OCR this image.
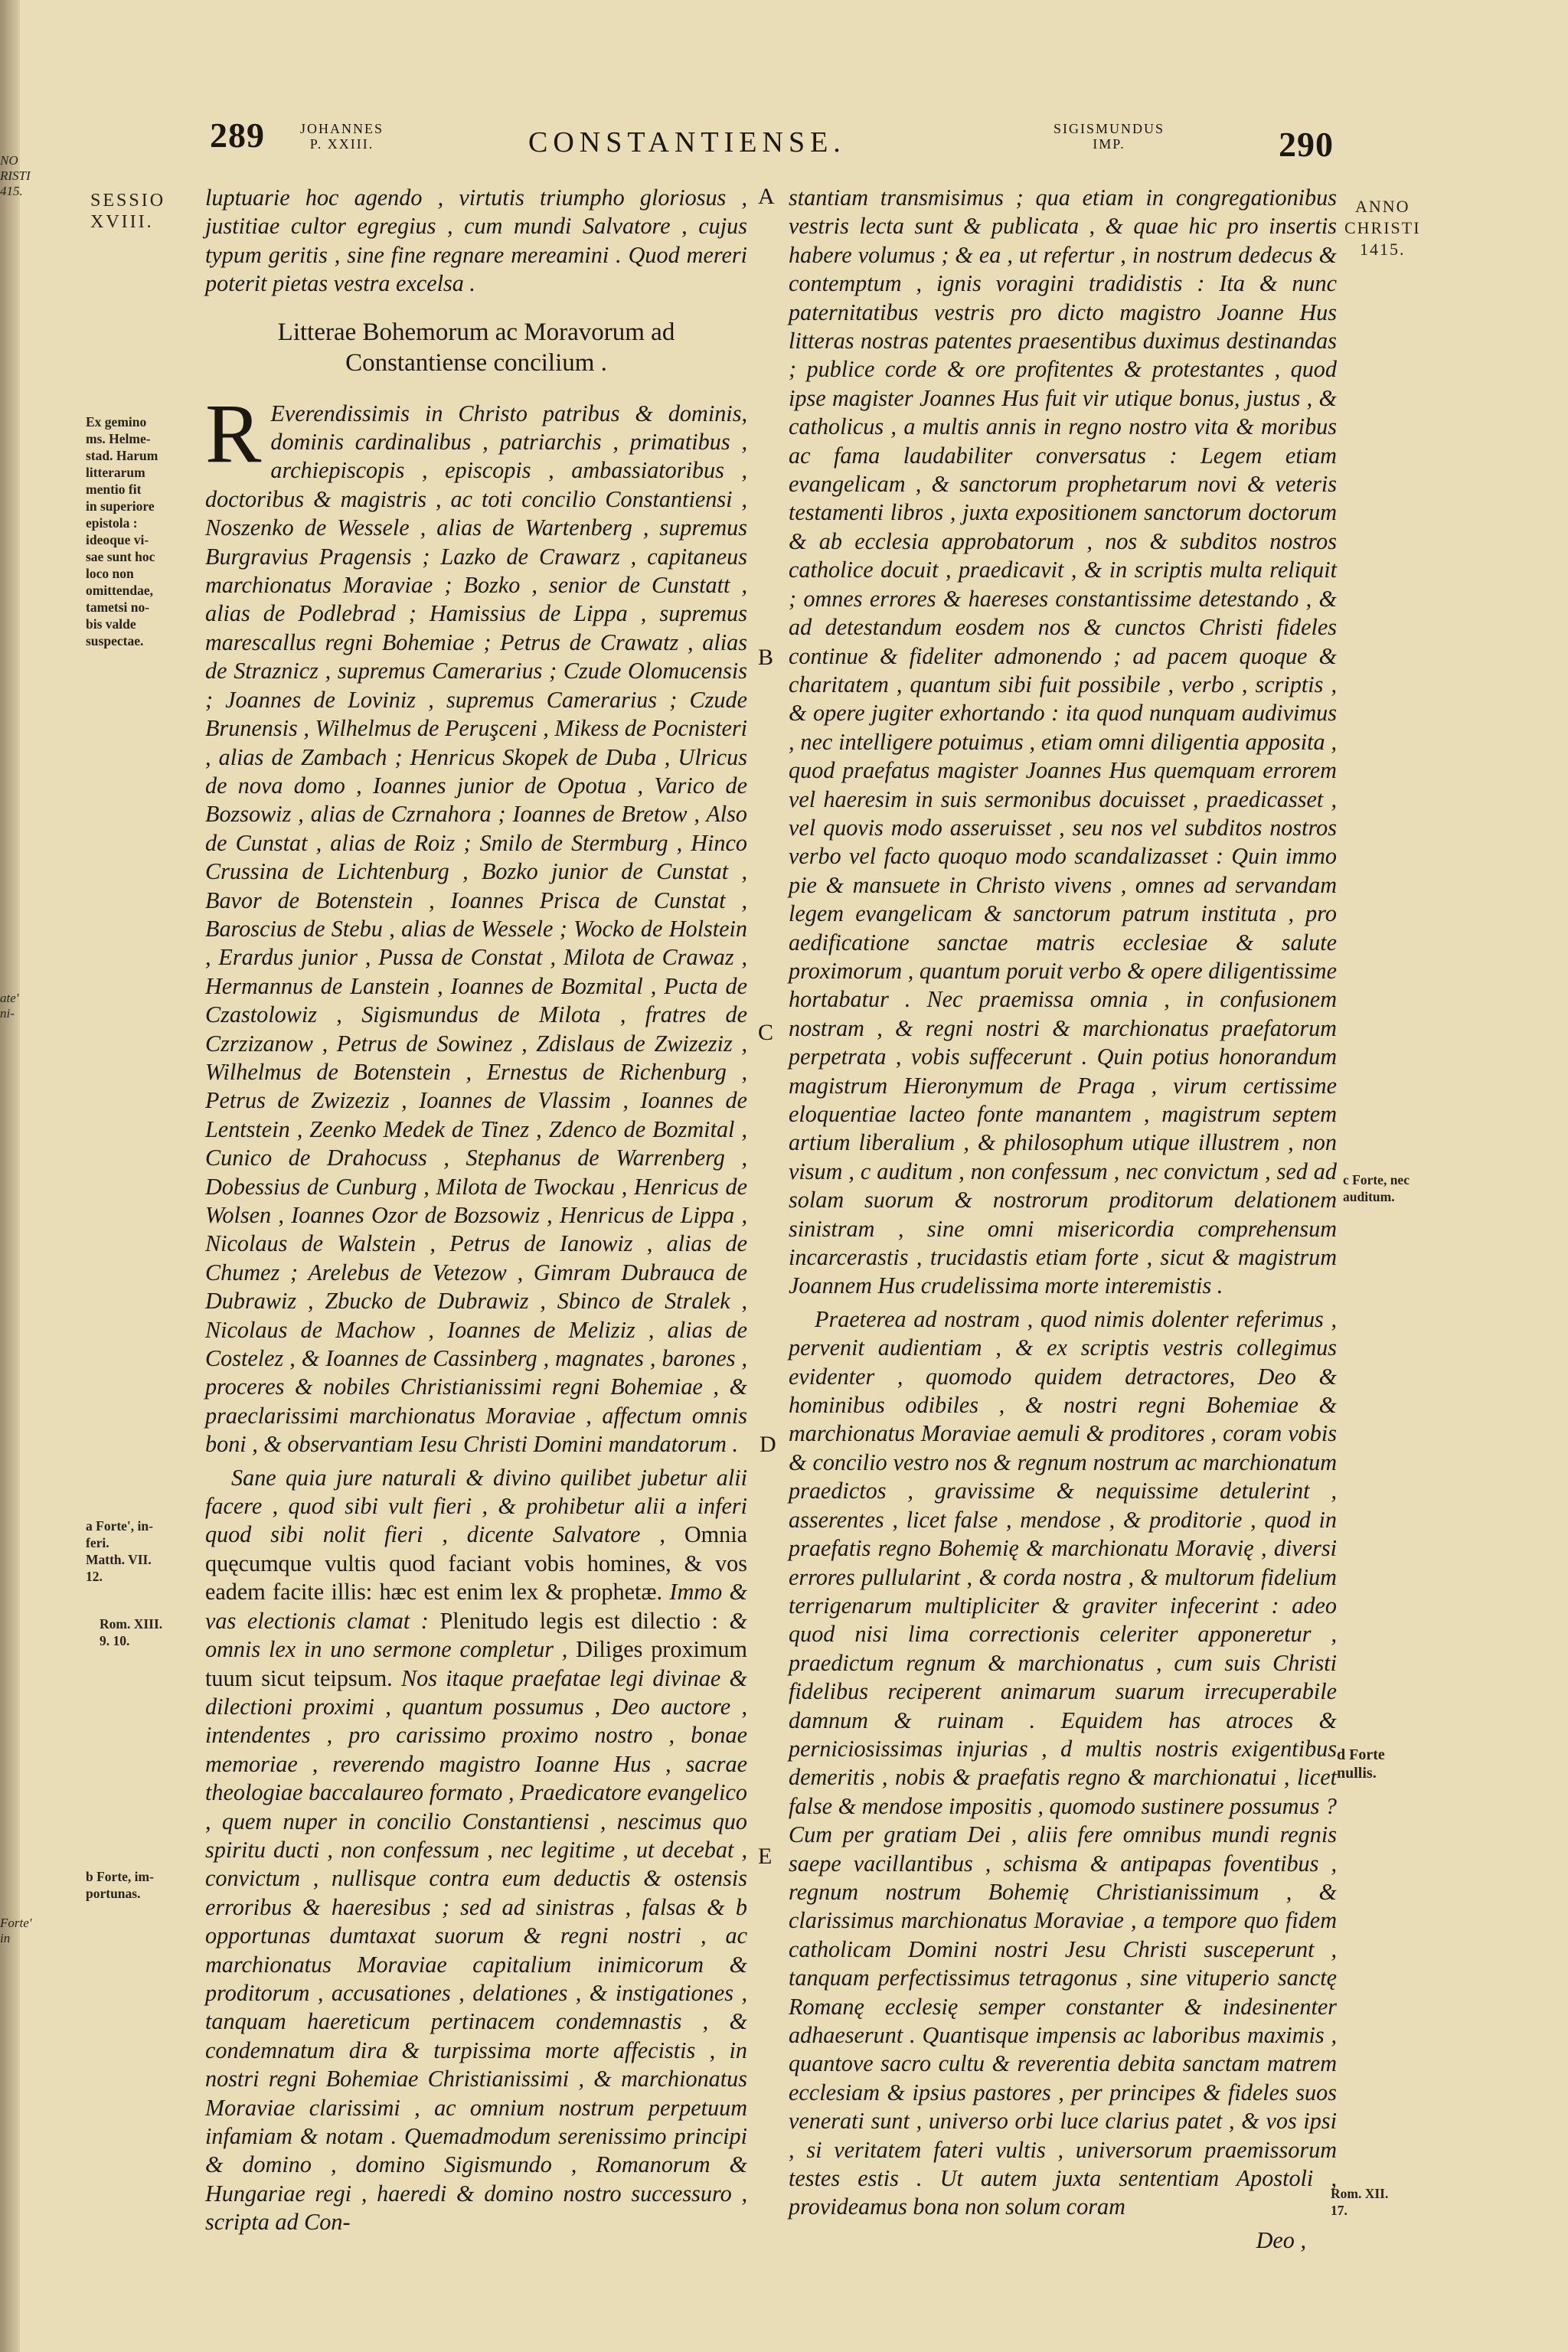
NO
RISTI
415.
ate'
ni-
Forte'
in
289	JOHANNES
P. XXIII.	CONSTANTIENSE.	SIGISMUNDUS
IMP.	290
SESSIO
XVIII.
Ex gemino
ms. Helme-
stad. Harum
litterarum
mentio fit
in superiore
epistola :
ideoque vi-
sae sunt hoc
loco non
omittendae,
tametsi no-
bis valde
suspectae.
a Forte', in-
feri.
Matth. VII.
12.
Rom. XIII.
9. 10.
b Forte, im-
portunas.
ANNO
CHRISTI
1415.
c Forte, nec
auditum.
d Forte
nullis.
Rom. XII.
17.
A
B
C
D
E

luptuarie hoc agendo , virtutis triumpho gloriosus , justitiae cultor egregius , cum mundi Salvatore , cujus typum geritis , sine fine regnare mereamini . Quod mereri poterit pietas vestra excelsa .

Litterae Bohemorum ac Moravorum ad Constantiense concilium .

R Everendissimis in Christo patribus & dominis, dominis cardinalibus , patriarchis , primatibus , archiepiscopis , episcopis , ambassiatoribus , doctoribus & magistris , ac toti concilio Constantiensi , Noszenko de Wessele , alias de Wartenberg , supremus Burgravius Pragensis ; Lazko de Crawarz , capitaneus marchionatus Moraviae ; Bozko , senior de Cunstatt , alias de Podlebrad ; Hamissius de Lippa , supremus marescallus regni Bohemiae ; Petrus de Crawatz , alias de Straznicz , supremus Camerarius ; Czude Olomucensis ; Joannes de Loviniz , supremus Camerarius ; Czude Brunensis , Wilhelmus de Peruşceni , Mikess de Pocnisteri , alias de Zambach ; Henricus Skopek de Duba , Ulricus de nova domo , Ioannes junior de Opotua , Varico de Bozsowiz , alias de Czrnahora ; Ioannes de Bretow , Also de Cunstat , alias de Roiz ; Smilo de Stermburg , Hinco Crussina de Lichtenburg , Bozko junior de Cunstat , Bavor de Botenstein , Ioannes Prisca de Cunstat , Baroscius de Stebu , alias de Wessele ; Wocko de Holstein , Erardus junior , Pussa de Constat , Milota de Crawaz , Hermannus de Lanstein , Ioannes de Bozmital , Pucta de Czastolowiz , Sigismundus de Milota , fratres de Czrzizanow , Petrus de Sowinez , Zdislaus de Zwizeziz , Wilhelmus de Botenstein , Ernestus de Richenburg , Petrus de Zwizeziz , Ioannes de Vlassim , Ioannes de Lentstein , Zeenko Medek de Tinez , Zdenco de Bozmital , Cunico de Drahocuss , Stephanus de Warrenberg , Dobessius de Cunburg , Milota de Twockau , Henricus de Wolsen , Ioannes Ozor de Bozsowiz , Henricus de Lippa , Nicolaus de Walstein , Petrus de Ianowiz , alias de Chumez ; Arelebus de Vetezow , Gimram Dubrauca de Dubrawiz , Zbucko de Dubrawiz , Sbinco de Stralek , Nicolaus de Machow , Ioannes de Meliziz , alias de Costelez , & Ioannes de Cassinberg , magnates , barones , proceres & nobiles Christianissimi regni Bohemiae , & praeclarissimi marchionatus Moraviae , affectum omnis boni , & observantiam Iesu Christi Domini mandatorum .

Sane quia jure naturali & divino quilibet jubetur alii facere , quod sibi vult fieri , & prohibetur alii a inferi quod sibi nolit fieri , dicente Salvatore , Omnia quęcumque vultis quod faciant vobis homines, & vos eadem facite illis: hæc est enim lex & prophetæ. Immo & vas electionis clamat : Plenitudo legis est dilectio : & omnis lex in uno sermone completur , Diliges proximum tuum sicut teipsum. Nos itaque praefatae legi divinae & dilectioni proximi , quantum possumus , Deo auctore , intendentes , pro carissimo proximo nostro , bonae memoriae , reverendo magistro Ioanne Hus , sacrae theologiae baccalaureo formato , Praedicatore evangelico , quem nuper in concilio Constantiensi , nescimus quo spiritu ducti , non confessum , nec legitime , ut decebat , convictum , nullisque contra eum deductis & ostensis erroribus & haeresibus ; sed ad sinistras , falsas & b opportunas dumtaxat suorum & regni nostri , ac marchionatus Moraviae capitalium inimicorum & proditorum , accusationes , delationes , & instigationes , tanquam haereticum pertinacem condemnastis , & condemnatum dira & turpissima morte affecistis , in nostri regni Bohemiae Christianissimi , & marchionatus Moraviae clarissimi , ac omnium nostrum perpetuum infamiam & notam . Quemadmodum serenissimo principi & domino , domino Sigismundo , Romanorum & Hungariae regi , haeredi & domino nostro successuro , scripta ad Con-

stantiam transmisimus ; qua etiam in congregationibus vestris lecta sunt & publicata , & quae hic pro insertis habere volumus ; & ea , ut refertur , in nostrum dedecus & contemptum , ignis voragini tradidistis : Ita & nunc paternitatibus vestris pro dicto magistro Joanne Hus litteras nostras patentes praesentibus duximus destinandas ; publice corde & ore profitentes & protestantes , quod ipse magister Joannes Hus fuit vir utique bonus, justus , & catholicus , a multis annis in regno nostro vita & moribus ac fama laudabiliter conversatus : Legem etiam evangelicam , & sanctorum prophetarum novi & veteris testamenti libros , juxta expositionem sanctorum doctorum & ab ecclesia approbatorum , nos & subditos nostros catholice docuit , praedicavit , & in scriptis multa reliquit ; omnes errores & haereses constantissime detestando , & ad detestandum eosdem nos & cunctos Christi fideles continue & fideliter admonendo ; ad pacem quoque & charitatem , quantum sibi fuit possibile , verbo , scriptis , & opere jugiter exhortando : ita quod nunquam audivimus , nec intelligere potuimus , etiam omni diligentia apposita , quod praefatus magister Joannes Hus quemquam errorem vel haeresim in suis sermonibus docuisset , praedicasset , vel quovis modo asseruisset , seu nos vel subditos nostros verbo vel facto quoquo modo scandalizasset : Quin immo pie & mansuete in Christo vivens , omnes ad servandam legem evangelicam & sanctorum patrum instituta , pro aedificatione sanctae matris ecclesiae & salute proximorum , quantum poruit verbo & opere diligentissime hortabatur . Nec praemissa omnia , in confusionem nostram , & regni nostri & marchionatus praefatorum perpetrata , vobis suffecerunt . Quin potius honorandum magistrum Hieronymum de Praga , virum certissime eloquentiae lacteo fonte manantem , magistrum septem artium liberalium , & philosophum utique illustrem , non visum , c auditum , non confessum , nec convictum , sed ad solam suorum & nostrorum proditorum delationem sinistram , sine omni misericordia comprehensum incarcerastis , trucidastis etiam forte , sicut & magistrum Joannem Hus crudelissima morte interemistis .

Praeterea ad nostram , quod nimis dolenter referimus , pervenit audientiam , & ex scriptis vestris collegimus evidenter , quomodo quidem detractores, Deo & hominibus odibiles , & nostri regni Bohemiae & marchionatus Moraviae aemuli & proditores , coram vobis & concilio vestro nos & regnum nostrum ac marchionatum praedictos , gravissime & nequissime detulerint , asserentes , licet false , mendose , & proditorie , quod in praefatis regno Bohemię & marchionatu Moravię , diversi errores pullularint , & corda nostra , & multorum fidelium terrigenarum multipliciter & graviter infecerint : adeo quod nisi lima correctionis celeriter apponeretur , praedictum regnum & marchionatus , cum suis Christi fidelibus reciperent animarum suarum irrecuperabile damnum & ruinam . Equidem has atroces & perniciosissimas injurias , d multis nostris exigentibus demeritis , nobis & praefatis regno & marchionatui , licet false & mendose impositis , quomodo sustinere possumus ? Cum per gratiam Dei , aliis fere omnibus mundi regnis saepe vacillantibus , schisma & antipapas foventibus , regnum nostrum Bohemię Christianissimum , & clarissimus marchionatus Moraviae , a tempore quo fidem catholicam Domini nostri Jesu Christi susceperunt , tanquam perfectissimus tetragonus , sine vituperio sanctę Romanę ecclesię semper constanter & indesinenter adhaeserunt . Quantisque impensis ac laboribus maximis , quantove sacro cultu & reverentia debita sanctam matrem ecclesiam & ipsius pastores , per principes & fideles suos venerati sunt , universo orbi luce clarius patet , & vos ipsi , si veritatem fateri vultis , universorum praemissorum testes estis . Ut autem juxta sententiam Apostoli , provideamus bona non solum coram

Deo ,
